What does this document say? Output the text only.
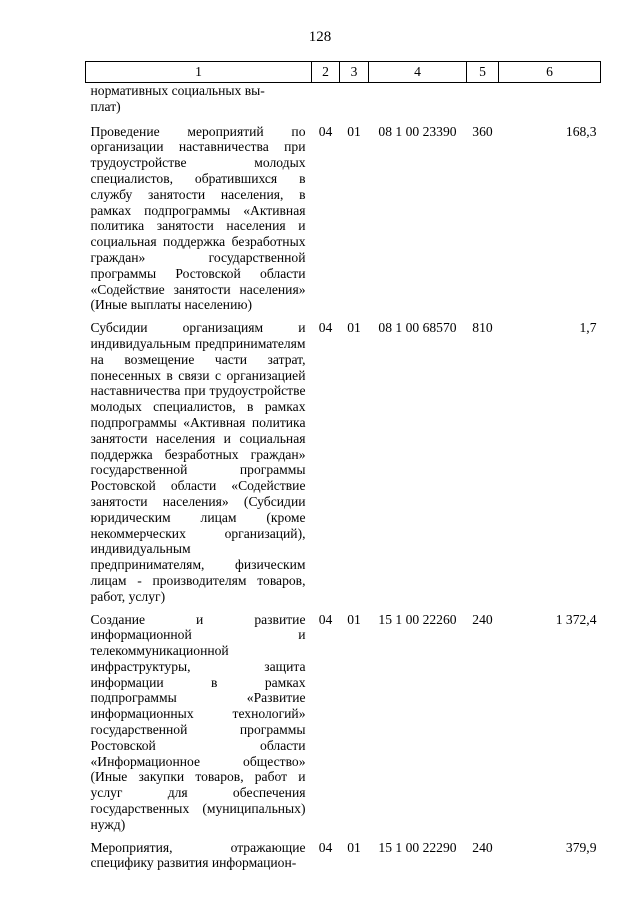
128
1	2	3	4	5	6
нормативных социальных вы-
плат)					
Проведение мероприятий по организации наставничества при трудоустройстве молодых специалистов, обратившихся в службу занятости населения, в рамках подпрограммы «Активная политика занятости населения и социальная поддержка безработных граждан» государственной программы Ростовской области «Содействие занятости населения» (Иные выплаты населению)	04	01	08 1 00 23390	360	168,3
Субсидии организациям и индивидуальным предпринимателям на возмещение части затрат, понесенных в связи с организацией наставничества при трудоустройстве молодых специалистов, в рамках подпрограммы «Активная политика занятости населения и социальная поддержка безработных граждан» государственной программы Ростовской области «Содействие занятости населения» (Субсидии юридическим лицам (кроме некоммерческих организаций), индивидуальным предпринимателям, физическим лицам - производителям товаров, работ, услуг)	04	01	08 1 00 68570	810	1,7
Создание и развитие информационной и телекоммуникационной инфраструктуры, защита информации в рамках подпрограммы «Развитие информационных технологий» государственной программы Ростовской области «Информационное общество» (Иные закупки товаров, работ и услуг для обеспечения государственных (муниципальных) нужд)	04	01	15 1 00 22260	240	1 372,4
Мероприятия, отражающие специфику развития информацион-	04	01	15 1 00 22290	240	379,9
